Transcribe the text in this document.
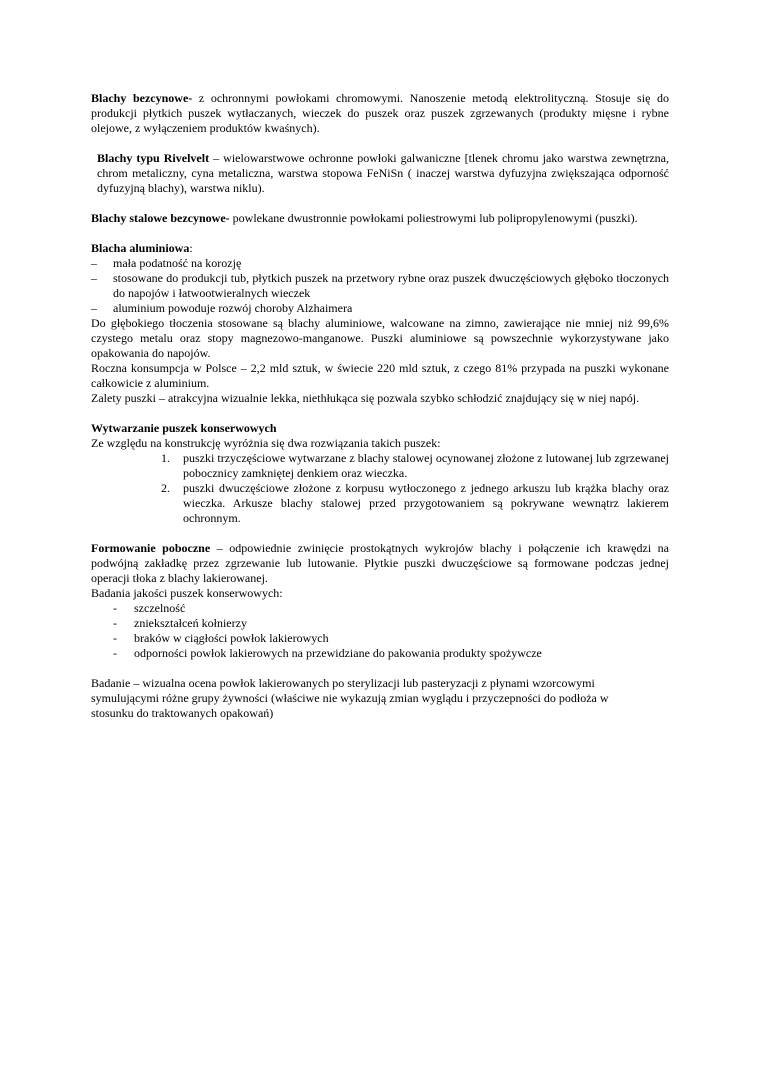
Blachy bezcynowe- z ochronnymi powłokami chromowymi. Nanoszenie metodą elektrolityczną. Stosuje się do produkcji płytkich puszek wytłaczanych, wieczek do puszek oraz puszek zgrzewanych (produkty mięsne i rybne olejowe, z wyłączeniem produktów kwaśnych).

Blachy typu Rivelvelt – wielowarstwowe ochronne powłoki galwaniczne [tlenek chromu jako warstwa zewnętrzna, chrom metaliczny, cyna metaliczna, warstwa stopowa FeNiSn ( inaczej warstwa dyfuzyjna zwiększająca odporność dyfuzyjną blachy), warstwa niklu).

Blachy stalowe bezcynowe- powlekane dwustronnie powłokami poliestrowymi lub polipropylenowymi (puszki).

Blacha aluminiowa:

– mała podatność na korozję
– stosowane do produkcji tub, płytkich puszek na przetwory rybne oraz puszek dwuczęściowych głęboko tłoczonych do napojów i łatwootwieralnych wieczek
– aluminium powoduje rozwój choroby Alzhaimera

Do głębokiego tłoczenia stosowane są blachy aluminiowe, walcowane na zimno, zawierające nie mniej niż 99,6% czystego metalu oraz stopy magnezowo-manganowe. Puszki aluminiowe są powszechnie wykorzystywane jako opakowania do napojów.

Roczna konsumpcja w Polsce – 2,2 mld sztuk, w świecie 220 mld sztuk, z czego 81% przypada na puszki wykonane całkowicie z aluminium.

Zalety puszki – atrakcyjna wizualnie lekka, niethłukąca się pozwala szybko schłodzić znajdujący się w niej napój.

Wytwarzanie puszek konserwowych

Ze względu na konstrukcję wyróżnia się dwa rozwiązania takich puszek:

1. puszki trzyczęściowe wytwarzane z blachy stalowej ocynowanej złożone z lutowanej lub zgrzewanej pobocznicy zamkniętej denkiem oraz wieczka.
2. puszki dwuczęściowe złożone z korpusu wytłoczonego z jednego arkuszu lub krążka blachy oraz wieczka. Arkusze blachy stalowej przed przygotowaniem są pokrywane wewnątrz lakierem ochronnym.

Formowanie poboczne – odpowiednie zwinięcie prostokątnych wykrojów blachy i połączenie ich krawędzi na podwójną zakładkę przez zgrzewanie lub lutowanie. Płytkie puszki dwuczęściowe są formowane podczas jednej operacji tłoka z blachy lakierowanej.

Badania jakości puszek konserwowych:

- szczelność
- zniekształceń kołnierzy
- braków w ciągłości powłok lakierowych
- odporności powłok lakierowych na przewidziane do pakowania produkty spożywcze

Badanie – wizualna ocena powłok lakierowanych po sterylizacji lub pasteryzacji z płynami wzorcowymi symulującymi różne grupy żywności (właściwe nie wykazują zmian wyglądu i przyczepności do podłoża w stosunku do traktowanych opakowań)
